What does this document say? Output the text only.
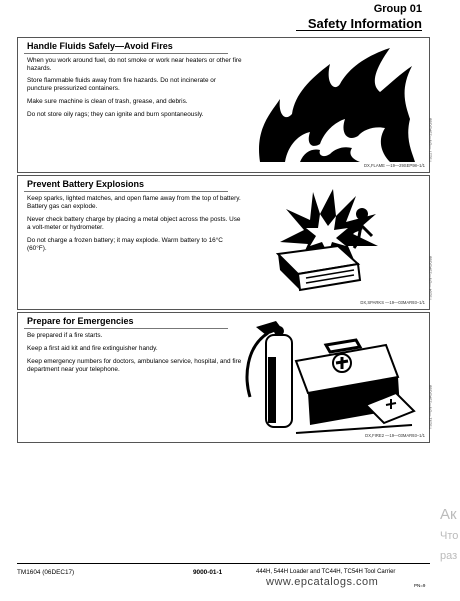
Group 01
Safety Information
Handle Fluids Safely—Avoid Fires
When you work around fuel, do not smoke or work near heaters or other fire hazards.
Store flammable fluids away from fire hazards. Do not incinerate or puncture pressurized containers.
Make sure machine is clean of trash, grease, and debris.
Do not store oily rags; they can ignite and burn spontaneously.
TS227 —UN—23AUG88
DX,FLAME —19—29SEP98–1/1
Prevent Battery Explosions
Keep sparks, lighted matches, and open flame away from the top of battery. Battery gas can explode.
Never check battery charge by placing a metal object across the posts. Use a volt-meter or hydrometer.
Do not charge a frozen battery; it may explode. Warm battery to 16°C (60°F).
TS204 —UN—23AUG88
DX,SPARKS —19—03MAR93–1/1
Prepare for Emergencies
Be prepared if a fire starts.
Keep a first aid kit and fire extinguisher handy.
Keep emergency numbers for doctors, ambulance service, hospital, and fire department near your telephone.
TS291 —UN—23AUG88
DX,FIRE2 —19—03MAR93–1/1
Ак
Что
раз
TM1604 (06DEC17)	9000-01-1	444H, 544H Loader and TC44H, TC54H Tool Carrier
PN=9
www.epcatalogs.com
